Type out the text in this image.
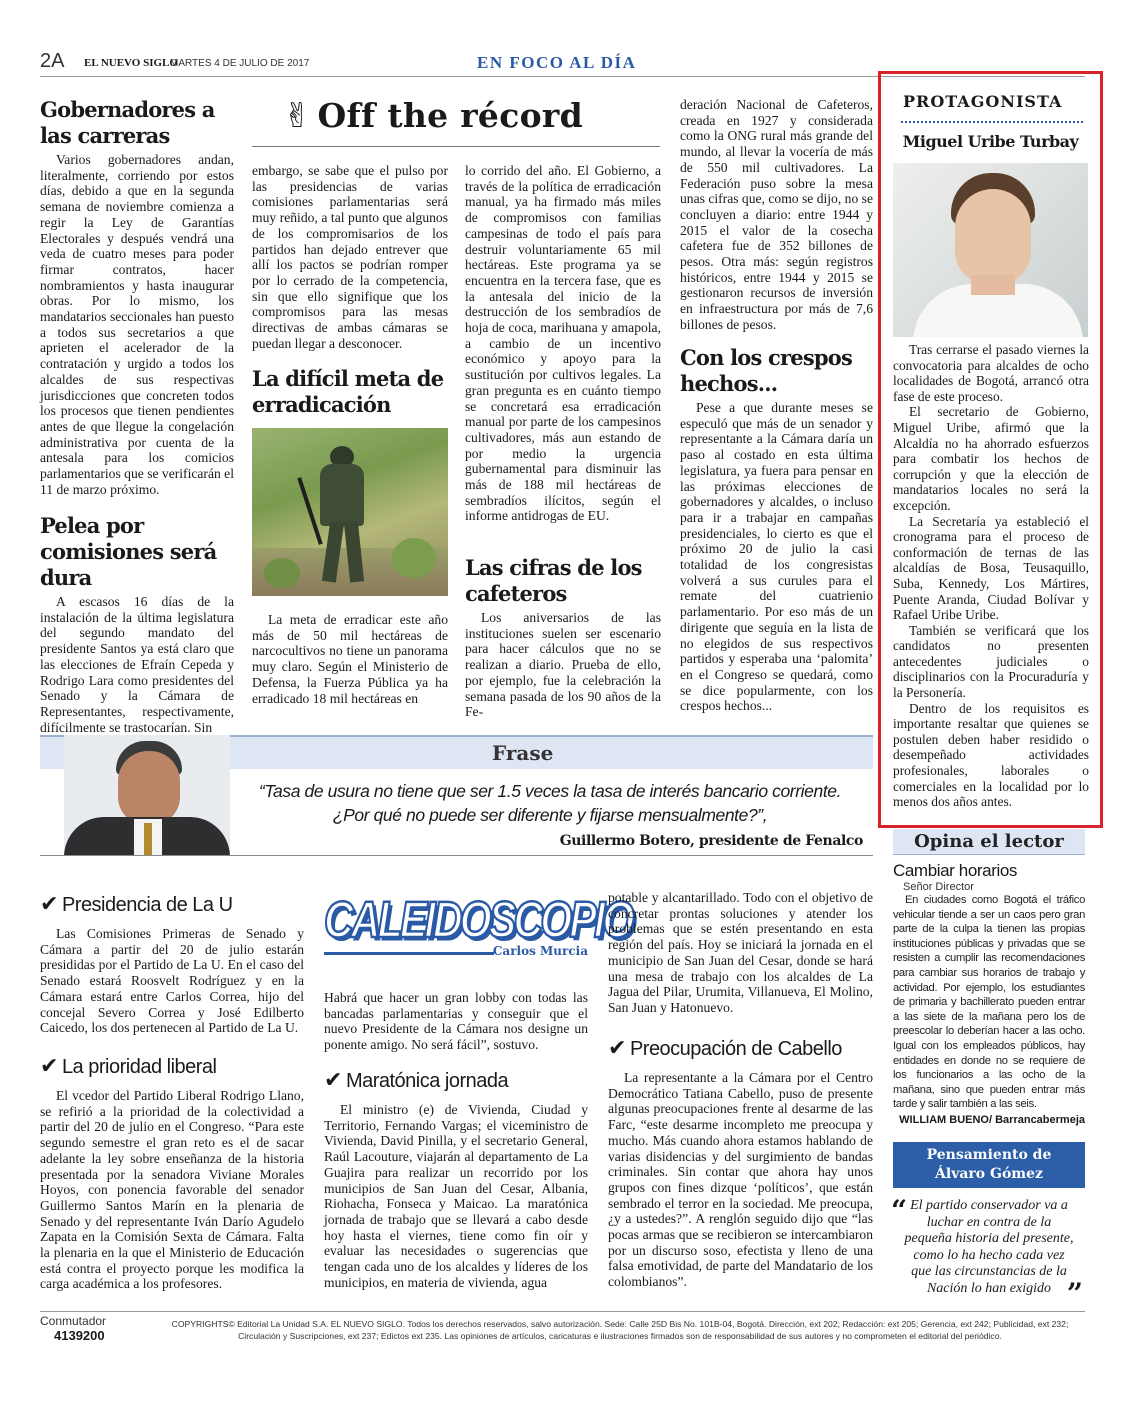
2A EL NUEVO SIGLO
MARTES 4 DE JULIO DE 2017	EN FOCO AL DÍA
✌ Off the récord
Gobernadores a las carreras

Varios gobernadores andan, literalmente, corriendo por estos días, debido a que en la segunda semana de noviembre comienza a regir la Ley de Garantías Electorales y después vendrá una veda de cuatro meses para poder firmar contratos, hacer nombramientos y hasta inaugurar obras. Por lo mismo, los mandatarios seccionales han puesto a todos sus secretarios a que aprieten el acelerador de la contratación y urgido a todos los alcaldes de sus respectivas jurisdicciones que concreten todos los procesos que tienen pendientes antes de que llegue la congelación administrativa por cuenta de la antesala para los comicios parlamentarios que se verificarán el 11 de marzo próximo.

Pelea por comisiones será dura

A escasos 16 días de la instalación de la última legislatura del segundo mandato del presidente Santos ya está claro que las elecciones de Efraín Cepeda y Rodrigo Lara como presidentes del Senado y la Cámara de Representantes, respectivamente, difícilmente se trastocarían. Sin

embargo, se sabe que el pulso por las presidencias de varias comisiones parlamentarias será muy reñido, a tal punto que algunos de los compromisarios de los partidos han dejado entrever que allí los pactos se podrían romper por lo cerrado de la competencia, sin que ello signifique que los compromisos para las mesas directivas de ambas cámaras se puedan llegar a desconocer.
La difícil meta de erradicación

La meta de erradicar este año más de 50 mil hectáreas de narcocultivos no tiene un panorama muy claro. Según el Ministerio de Defensa, la Fuerza Pública ya ha erradicado 18 mil hectáreas en

lo corrido del año. El Gobierno, a través de la política de erradicación manual, ya ha firmado más miles de compromisos con familias campesinas de todo el país para destruir voluntariamente 65 mil hectáreas. Este programa ya se encuentra en la tercera fase, que es la antesala del inicio de la destrucción de los sembradíos de hoja de coca, marihuana y amapola, a cambio de un incentivo económico y apoyo para la sustitución por cultivos legales. La gran pregunta es en cuánto tiempo se concretará esa erradicación manual por parte de los campesinos cultivadores, más aun estando de por medio la urgencia gubernamental para disminuir las más de 188 mil hectáreas de sembradíos ilícitos, según el informe antidrogas de EU.
Las cifras de los cafeteros

Los aniversarios de las instituciones suelen ser escenario para hacer cálculos que no se realizan a diario. Prueba de ello, por ejemplo, fue la celebración la semana pasada de los 90 años de la Fe-

deración Nacional de Cafeteros, creada en 1927 y considerada como la ONG rural más grande del mundo, al llevar la vocería de más de 550 mil cultivadores. La Federación puso sobre la mesa unas cifras que, como se dijo, no se concluyen a diario: entre 1944 y 2015 el valor de la cosecha cafetera fue de 352 billones de pesos. Otra más: según registros históricos, entre 1944 y 2015 se gestionaron recursos de inversión en infraestructura por más de 7,6 billones de pesos.
Con los crespos hechos...

Pese a que durante meses se especuló que más de un senador y representante a la Cámara daría un paso al costado en esta última legislatura, ya fuera para pensar en las próximas elecciones de gobernadores y alcaldes, o incluso para ir a trabajar en campañas presidenciales, lo cierto es que el próximo 20 de julio la casi totalidad de los congresistas volverá a sus curules para el remate del cuatrienio parlamentario. Por eso más de un dirigente que seguía en la lista de no elegidos de sus respectivos partidos y esperaba una ‘palomita’ en el Congreso se quedará, como se dice popularmente, con los crespos hechos...

PROTAGONISTA
Miguel Uribe Turbay

Tras cerrarse el pasado viernes la convocatoria para alcaldes de ocho localidades de Bogotá, arrancó otra fase de este proceso.

El secretario de Gobierno, Miguel Uribe, afirmó que la Alcaldía no ha ahorrado esfuerzos para combatir los hechos de corrupción y que la elección de mandatarios locales no será la excepción.

La Secretaría ya estableció el cronograma para el proceso de conformación de ternas de las alcaldías de Bosa, Teusaquillo, Suba, Kennedy, Los Mártires, Puente Aranda, Ciudad Bolívar y Rafael Uribe Uribe.

También se verificará que los candidatos no presenten antecedentes judiciales o disciplinarios con la Procuraduría y la Personería.

Dentro de los requisitos es importante resaltar que quienes se postulen deben haber residido o desempeñado actividades profesionales, laborales o comerciales en la localidad por lo menos dos años antes.

Frase
“Tasa de usura no tiene que ser 1.5 veces la tasa de interés bancario corriente.
¿Por qué no puede ser diferente y fijarse mensualmente?”,
Guillermo Botero, presidente de Fenalco	Opina el lector
Cambiar horarios
Señor Director
En ciudades como Bogotá el tráfico vehicular tiende a ser un caos pero gran parte de la culpa la tienen las propias instituciones públicas y privadas que se resisten a cumplir las recomendaciones para cambiar sus horarios de trabajo y actividad. Por ejemplo, los estudiantes de primaria y bachillerato pueden entrar a las siete de la mañana pero los de preescolar lo deberían hacer a las ocho. Igual con los empleados públicos, hay entidades en donde no se requiere de los funcionarios a las ocho de la mañana, sino que pueden entrar más tarde y salir también a las seis.
WILLIAM BUENO/ Barrancabermeja
Pensamiento de
Álvaro Gómez
“ El partido conservador va a luchar en contra de la pequeña historia del presente, como lo ha hecho cada vez que las circunstancias de la Nación lo han exigido ”
✔ Presidencia de La U

Las Comisiones Primeras de Senado y Cámara a partir del 20 de julio estarán presididas por el Partido de La U. En el caso del Senado estará Roosvelt Rodríguez y en la Cámara estará entre Carlos Correa, hijo del concejal Severo Correa y José Edilberto Caicedo, los dos pertenecen al Partido de La U.

✔ La prioridad liberal

El vcedor del Partido Liberal Rodrigo Llano, se refirió a la prioridad de la colectividad a partir del 20 de julio en el Congreso. “Para este segundo semestre el gran reto es el de sacar adelante la ley sobre enseñanza de la historia presentada por la senadora Viviane Morales Hoyos, con ponencia favorable del senador Guillermo Santos Marín en la plenaria de Senado y del representante Iván Darío Agudelo Zapata en la Comisión Sexta de Cámara. Falta la plenaria en la que el Ministerio de Educación está contra el proyecto porque les modifica la carga académica a los profesores.

CALEIDOSCOPIO
Carlos Murcia

Habrá que hacer un gran lobby con todas las bancadas parlamentarias y conseguir que el nuevo Presidente de la Cámara nos designe un ponente amigo. No será fácil”, sostuvo.

✔ Maratónica jornada

El ministro (e) de Vivienda, Ciudad y Territorio, Fernando Vargas; el viceministro de Vivienda, David Pinilla, y el secretario General, Raúl Lacouture, viajarán al departamento de La Guajira para realizar un recorrido por los municipios de San Juan del Cesar, Albania, Riohacha, Fonseca y Maicao. La maratónica jornada de trabajo que se llevará a cabo desde hoy hasta el viernes, tiene como fin oír y evaluar las necesidades o sugerencias que tengan cada uno de los alcaldes y líderes de los municipios, en materia de vivienda, agua

potable y alcantarillado. Todo con el objetivo de concretar prontas soluciones y atender los problemas que se estén presentando en esta región del país. Hoy se iniciará la jornada en el municipio de San Juan del Cesar, donde se hará una mesa de trabajo con los alcaldes de La Jagua del Pilar, Urumita, Villanueva, El Molino, San Juan y Hatonuevo.
✔ Preocupación de Cabello

La representante a la Cámara por el Centro Democrático Tatiana Cabello, puso de presente algunas preocupaciones frente al desarme de las Farc, “este desarme incompleto me preocupa y mucho. Más cuando ahora estamos hablando de varias disidencias y del surgimiento de bandas criminales. Sin contar que ahora hay unos grupos con fines dizque ‘políticos’, que están sembrado el terror en la sociedad. Me preocupa, ¿y a ustedes?”. A renglón seguido dijo que “las pocas armas que se recibieron se intercambiaron por un discurso soso, efectista y lleno de una falsa emotividad, de parte del Mandatario de los colombianos”.

Conmutador
4139200
COPYRIGHTS© Editorial La Unidad S.A. EL NUEVO SIGLO. Todos los derechos reservados, salvo autorización. Sede: Calle 25D Bis No. 101B-04, Bogotá. Dirección, ext 202; Redacción: ext 205; Gerencia, ext 242; Publicidad, ext 232;
Circulación y Suscripciones, ext 237; Edictos ext 235. Las opiniones de artículos, caricaturas e ilustraciones firmados son de responsabilidad de sus autores y no comprometen el editorial del periódico.
